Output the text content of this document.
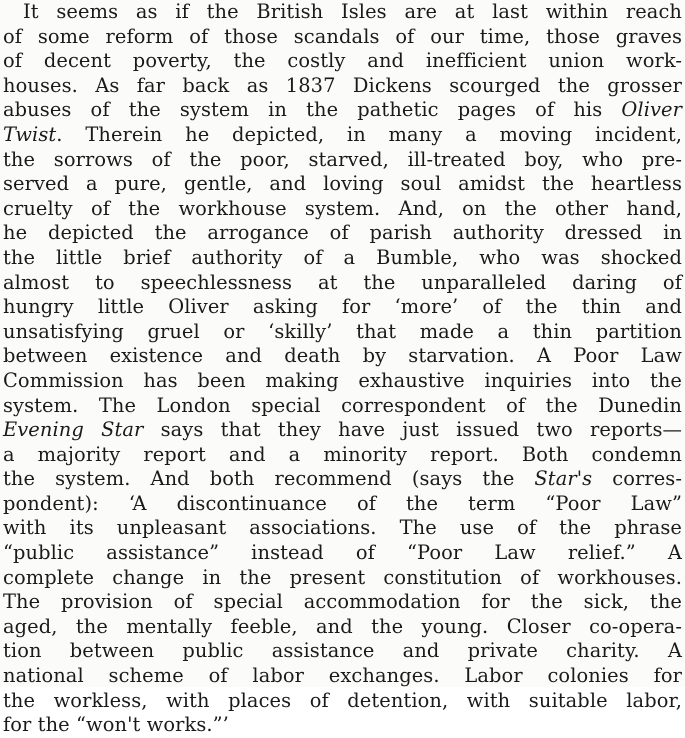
It seems as if the British Isles are at last within reach
of some reform of those scandals of our time, those graves
of decent poverty, the costly and inefficient union work-
houses. As far back as 1837 Dickens scourged the grosser
abuses of the system in the pathetic pages of his Oliver
Twist. Therein he depicted, in many a moving incident,
the sorrows of the poor, starved, ill-treated boy, who pre-
served a pure, gentle, and loving soul amidst the heartless
cruelty of the workhouse system. And, on the other hand,
he depicted the arrogance of parish authority dressed in
the little brief authority of a Bumble, who was shocked
almost to speechlessness at the unparalleled daring of
hungry little Oliver asking for ‘more’ of the thin and
unsatisfying gruel or ‘skilly’ that made a thin partition
between existence and death by starvation. A Poor Law
Commission has been making exhaustive inquiries into the
system. The London special correspondent of the Dunedin
Evening Star says that they have just issued two reports—
a majority report and a minority report. Both condemn
the system. And both recommend (says the Star's corres-
pondent): ‘A discontinuance of the term “Poor Law”
with its unpleasant associations. The use of the phrase
“public assistance” instead of “Poor Law relief.” A
complete change in the present constitution of workhouses.
The provision of special accommodation for the sick, the
aged, the mentally feeble, and the young. Closer co-opera-
tion between public assistance and private charity. A
national scheme of labor exchanges. Labor colonies for
the workless, with places of detention, with suitable labor,
for the “won't works.”’
